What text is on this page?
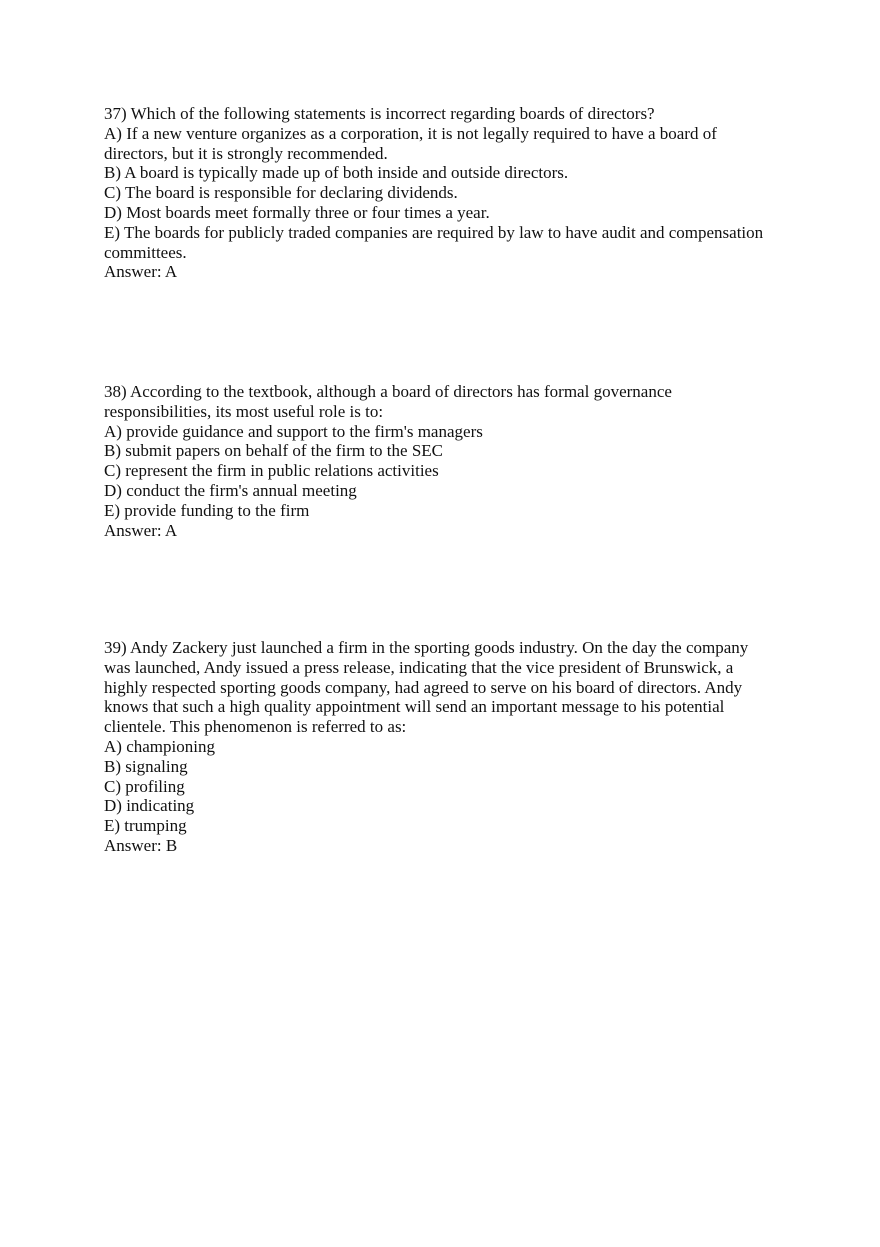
37) Which of the following statements is incorrect regarding boards of directors?
A) If a new venture organizes as a corporation, it is not legally required to have a board of
directors, but it is strongly recommended.
B) A board is typically made up of both inside and outside directors.
C) The board is responsible for declaring dividends.
D) Most boards meet formally three or four times a year.
E) The boards for publicly traded companies are required by law to have audit and compensation
committees.
Answer: A
38) According to the textbook, although a board of directors has formal governance
responsibilities, its most useful role is to:
A) provide guidance and support to the firm's managers
B) submit papers on behalf of the firm to the SEC
C) represent the firm in public relations activities
D) conduct the firm's annual meeting
E) provide funding to the firm
Answer: A
39) Andy Zackery just launched a firm in the sporting goods industry. On the day the company
was launched, Andy issued a press release, indicating that the vice president of Brunswick, a
highly respected sporting goods company, had agreed to serve on his board of directors. Andy
knows that such a high quality appointment will send an important message to his potential
clientele. This phenomenon is referred to as:
A) championing
B) signaling
C) profiling
D) indicating
E) trumping
Answer: B
